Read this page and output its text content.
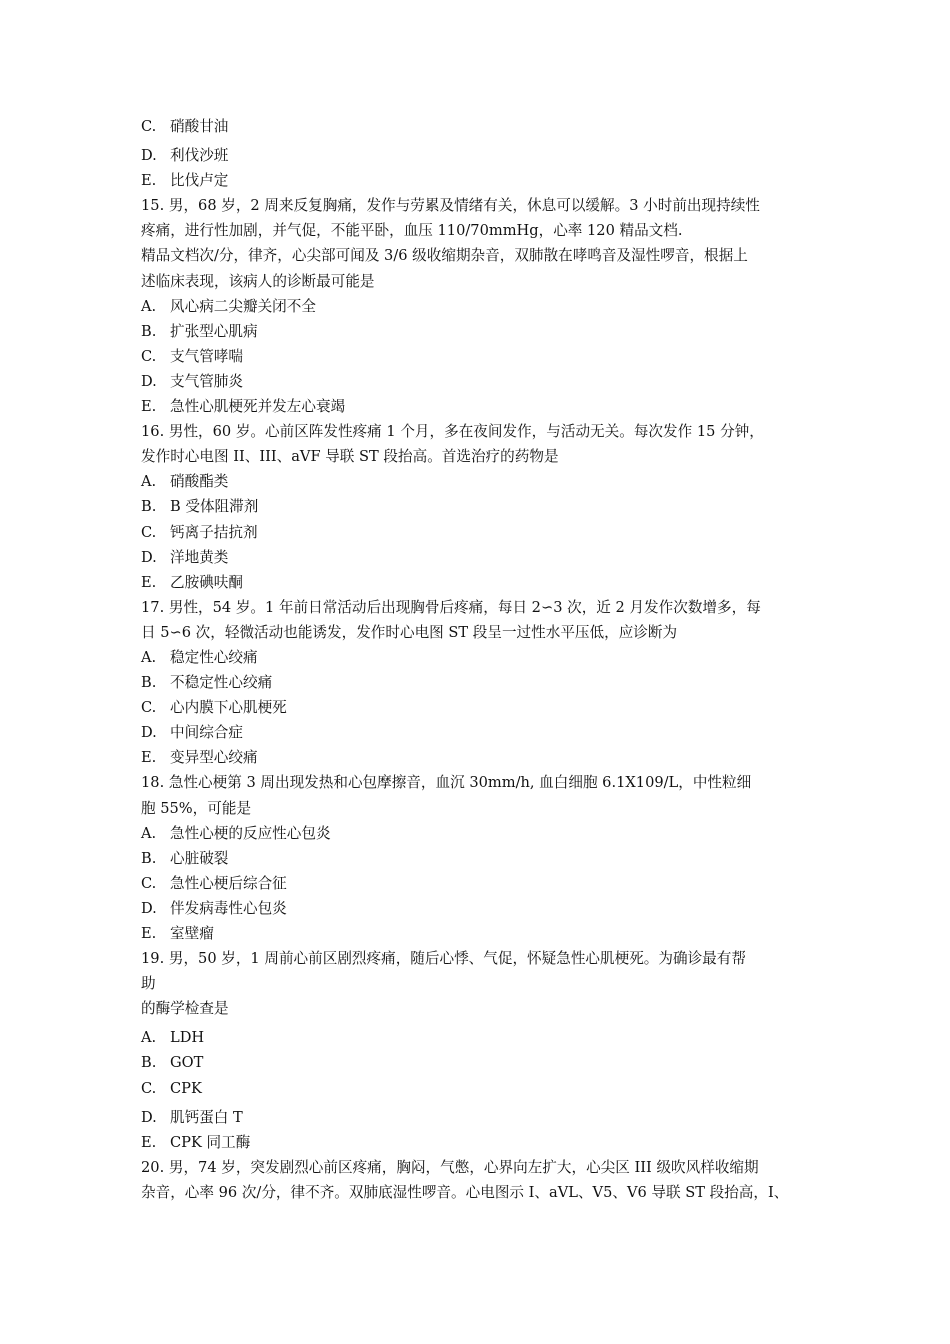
C. 硝酸甘油
D. 利伐沙班
E. 比伐卢定
15. 男，68 岁，2 周来反复胸痛，发作与劳累及情绪有关，休息可以缓解。3 小时前出现持续性
疼痛，进行性加剧，并气促，不能平卧，血压 110/70mmHg，心率 120 精品文档.
精品文档次/分，律齐，心尖部可闻及 3/6 级收缩期杂音，双肺散在哮鸣音及湿性啰音，根据上
述临床表现，该病人的诊断最可能是
A. 风心病二尖瓣关闭不全
B. 扩张型心肌病
C. 支气管哮喘
D. 支气管肺炎
E. 急性心肌梗死并发左心衰竭
16. 男性，60 岁。心前区阵发性疼痛 1 个月，多在夜间发作，与活动无关。每次发作 15 分钟，
发作时心电图 II、III、aVF 导联 ST 段抬高。首选治疗的药物是
A. 硝酸酯类
B. B 受体阻滞剂
C. 钙离子拮抗剂
D. 洋地黄类
E. 乙胺碘呋酮
17. 男性，54 岁。1 年前日常活动后出现胸骨后疼痛，每日 2∽3 次，近 2 月发作次数增多，每
日 5∽6 次，轻微活动也能诱发，发作时心电图 ST 段呈一过性水平压低，应诊断为
A. 稳定性心绞痛
B. 不稳定性心绞痛
C. 心内膜下心肌梗死
D. 中间综合症
E. 变异型心绞痛
18. 急性心梗第 3 周出现发热和心包摩擦音，血沉 30mm/h, 血白细胞 6.1X109/L，中性粒细
胞 55%，可能是
A. 急性心梗的反应性心包炎
B. 心脏破裂
C. 急性心梗后综合征
D. 伴发病毒性心包炎
E. 室壁瘤
19. 男，50 岁，1 周前心前区剧烈疼痛，随后心悸、气促，怀疑急性心肌梗死。为确诊最有帮
助
的酶学检查是
A. LDH
B. GOT
C. CPK
D. 肌钙蛋白 T
E. CPK 同工酶
20. 男，74 岁，突发剧烈心前区疼痛，胸闷，气憋，心界向左扩大，心尖区 III 级吹风样收缩期
杂音，心率 96 次/分，律不齐。双肺底湿性啰音。心电图示 I、aVL、V5、V6 导联 ST 段抬高，I、
